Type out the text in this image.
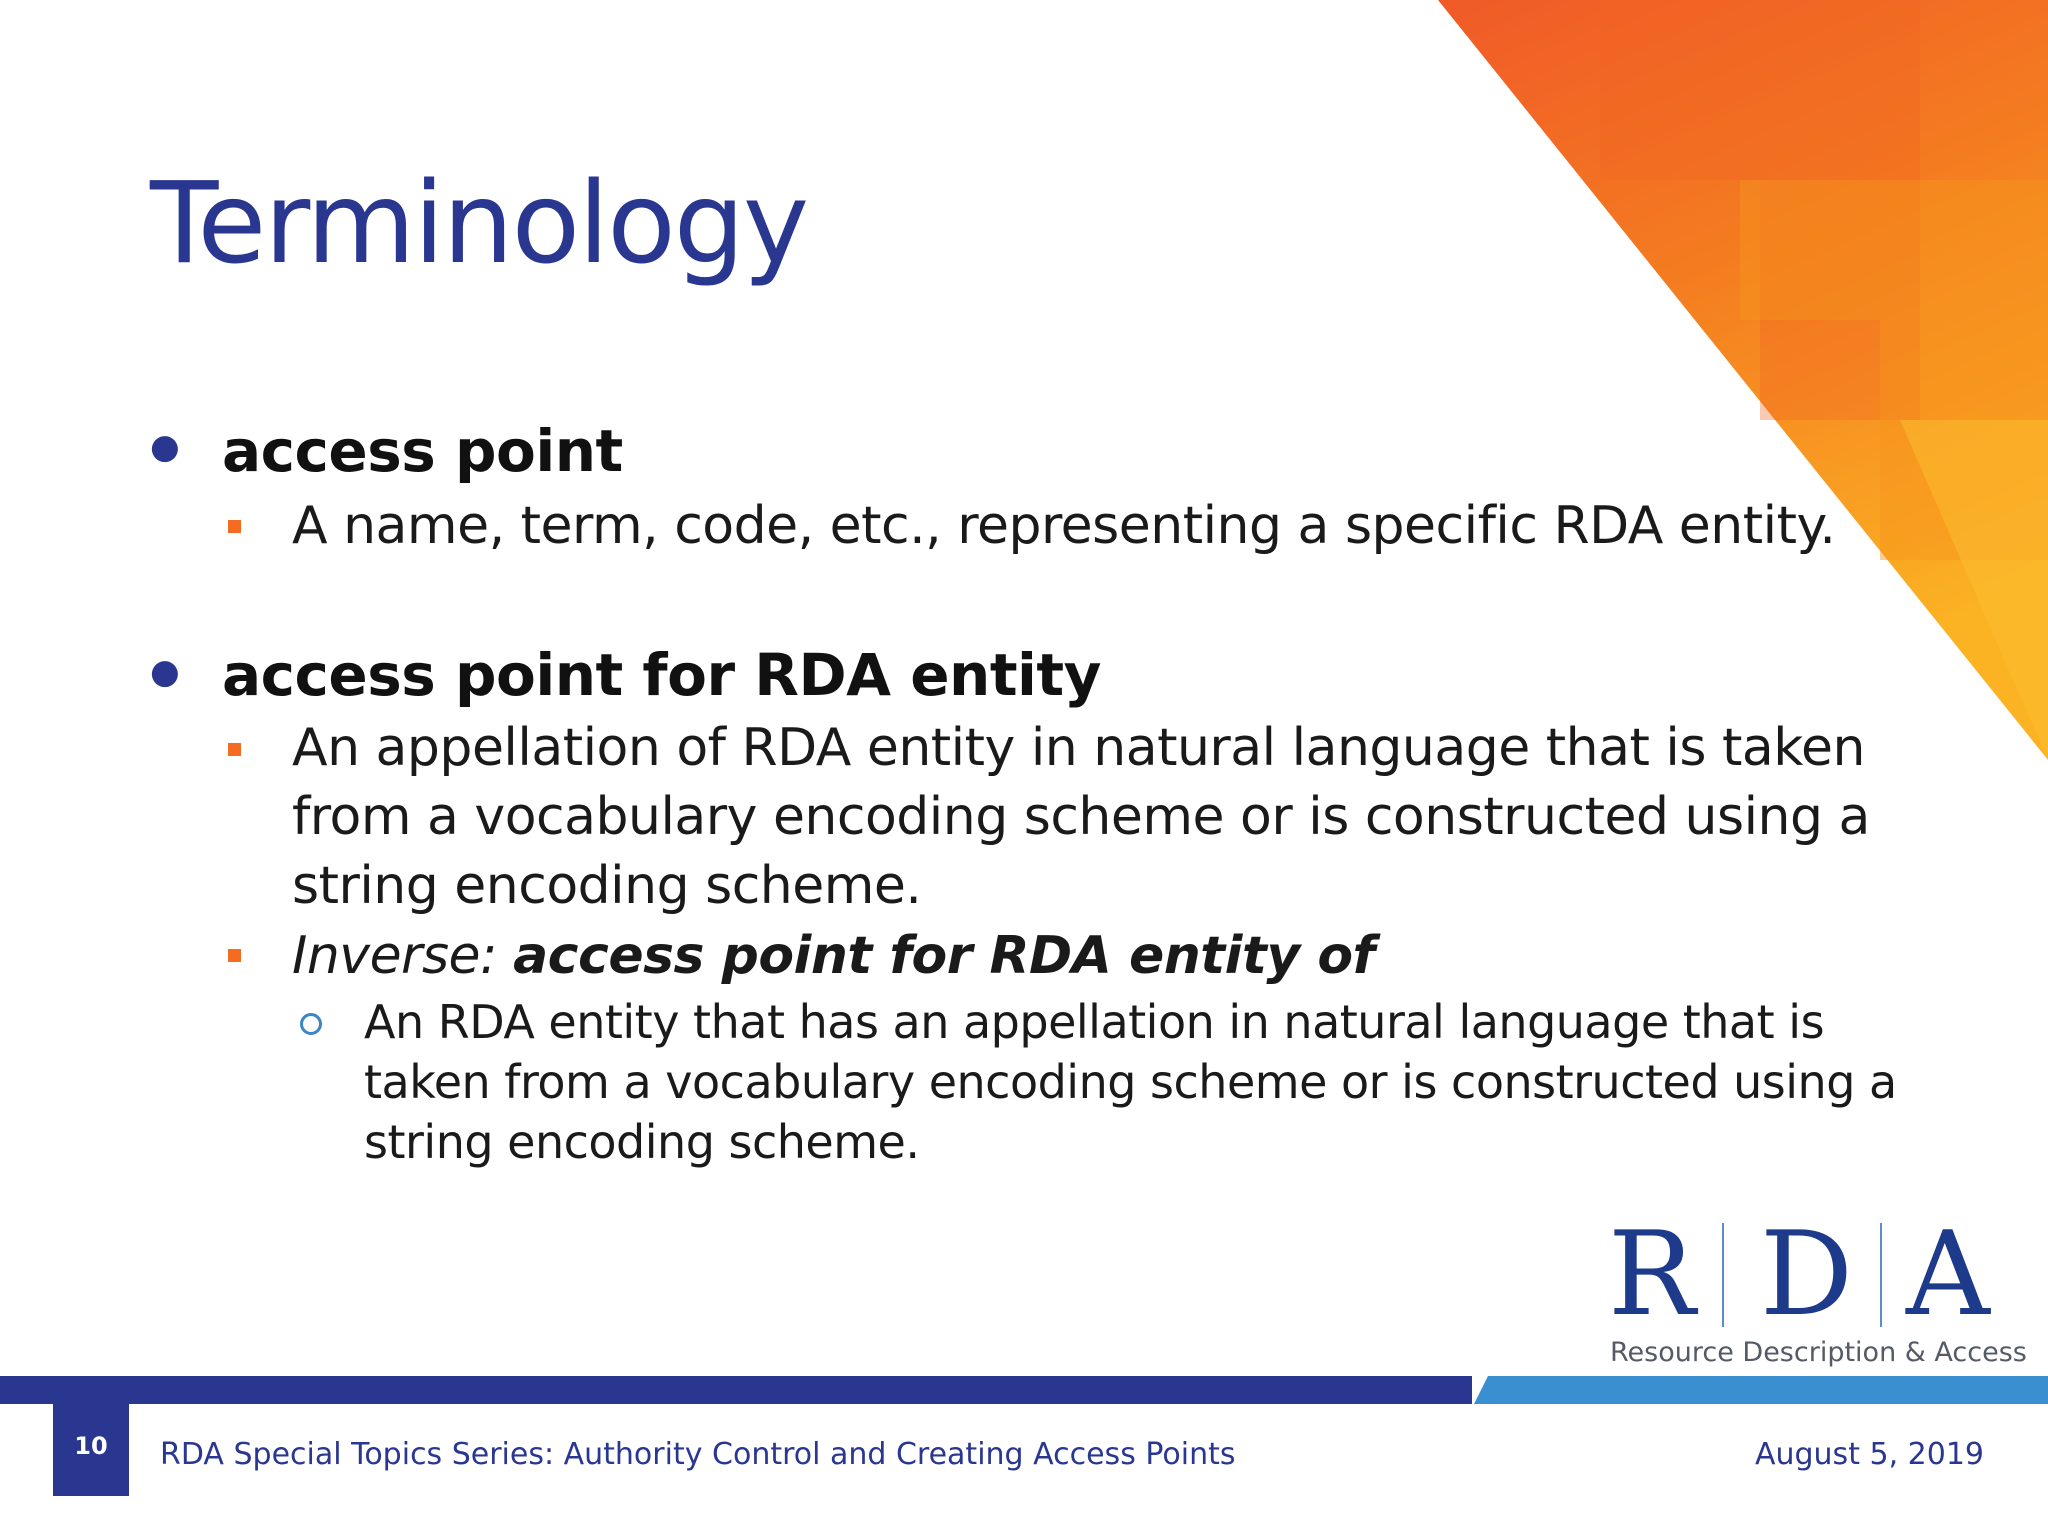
Terminology
● access point
A name, term, code, etc., representing a specific RDA entity.
● access point for RDA entity
An appellation of RDA entity in natural language that is taken from a vocabulary encoding scheme or is constructed using a string encoding scheme.
Inverse: access point for RDA entity of
An RDA entity that has an appellation in natural language that is taken from a vocabulary encoding scheme or is constructed using a string encoding scheme.
R D A
Resource Description & Access
10	RDA Special Topics Series: Authority Control and Creating Access Points	August 5, 2019
